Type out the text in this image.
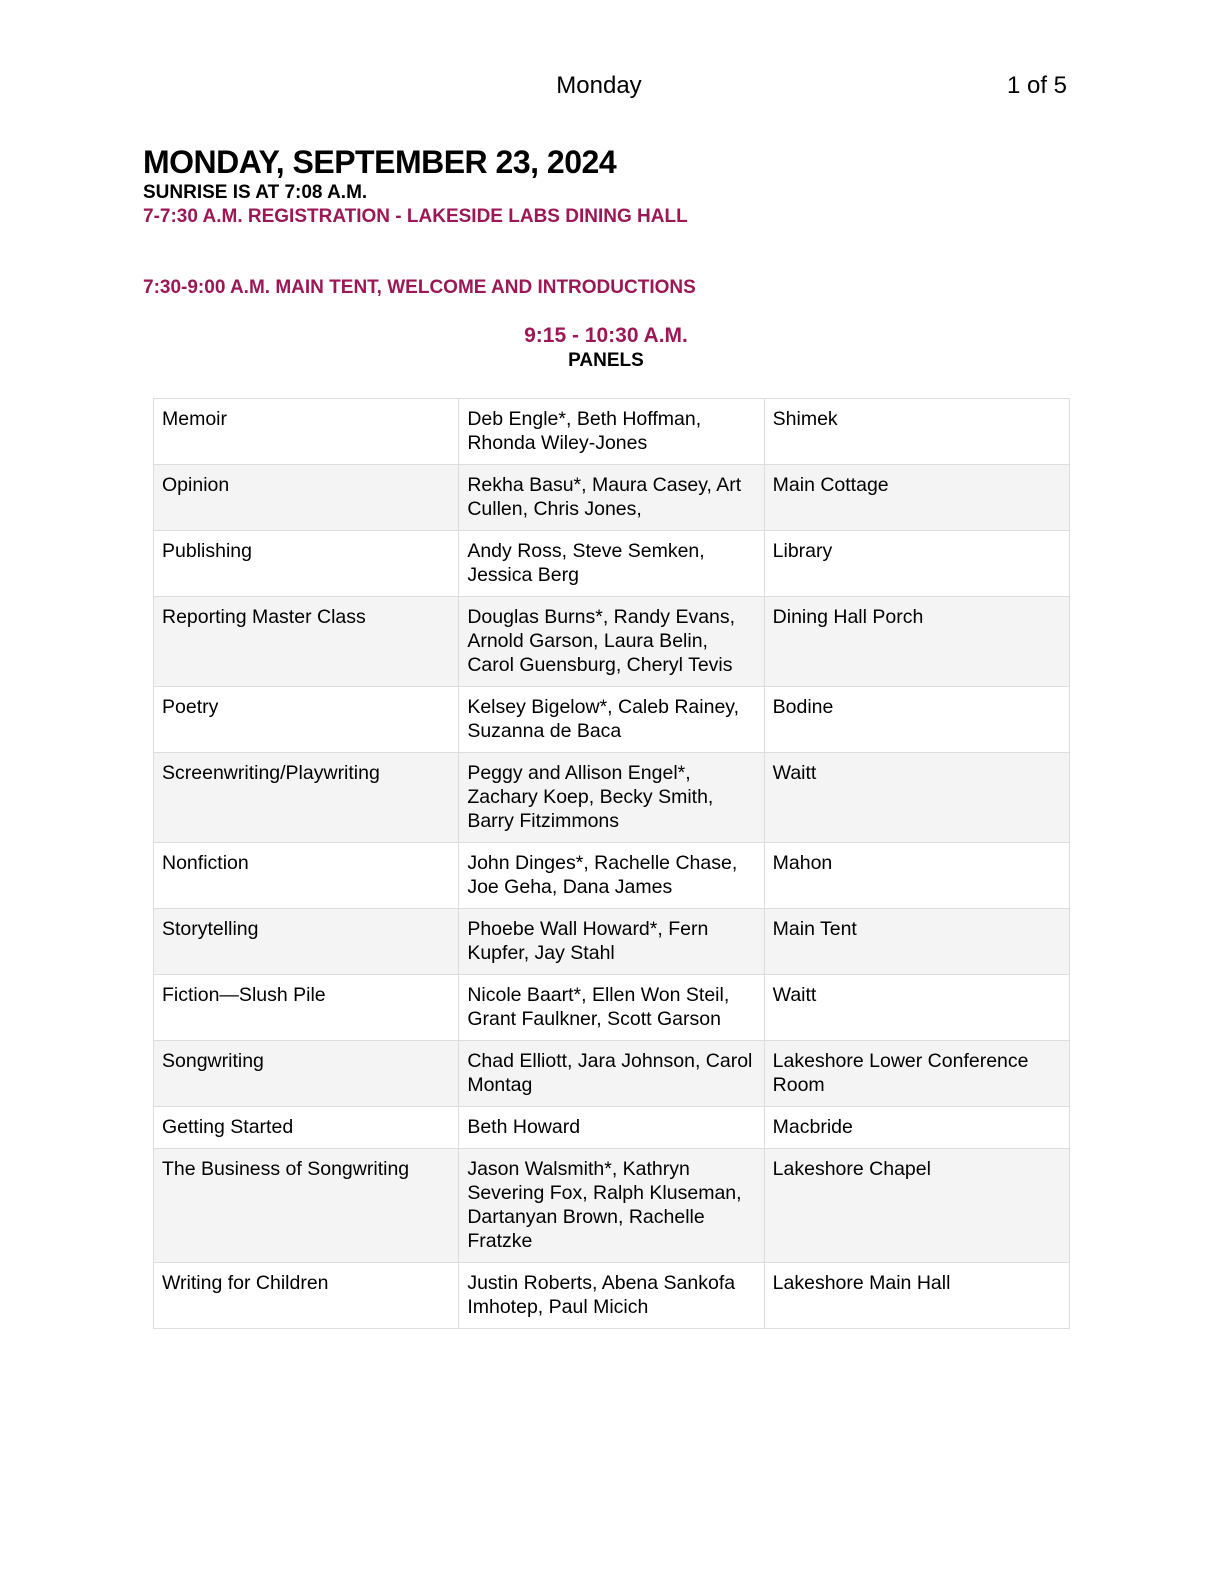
Monday	1 of 5
MONDAY, SEPTEMBER 23, 2024
SUNRISE IS AT 7:08 A.M.
7-7:30 A.M. REGISTRATION - LAKESIDE LABS DINING HALL
7:30-9:00 A.M. MAIN TENT, WELCOME AND INTRODUCTIONS
9:15 - 10:30 A.M.
PANELS
Memoir	Deb Engle*, Beth Hoffman, Rhonda Wiley-Jones	Shimek
Opinion	Rekha Basu*, Maura Casey, Art Cullen, Chris Jones,	Main Cottage
Publishing	Andy Ross, Steve Semken, Jessica Berg	Library
Reporting Master Class	Douglas Burns*, Randy Evans, Arnold Garson, Laura Belin, Carol Guensburg, Cheryl Tevis	Dining Hall Porch
Poetry	Kelsey Bigelow*, Caleb Rainey, Suzanna de Baca	Bodine
Screenwriting/Playwriting	Peggy and Allison Engel*, Zachary Koep, Becky Smith, Barry Fitzimmons	Waitt
Nonfiction	John Dinges*, Rachelle Chase, Joe Geha, Dana James	Mahon
Storytelling	Phoebe Wall Howard*, Fern Kupfer, Jay Stahl	Main Tent
Fiction—Slush Pile	Nicole Baart*, Ellen Won Steil, Grant Faulkner, Scott Garson	Waitt
Songwriting	Chad Elliott, Jara Johnson, Carol Montag	Lakeshore Lower Conference Room
Getting Started	Beth Howard	Macbride
The Business of Songwriting	Jason Walsmith*, Kathryn Severing Fox, Ralph Kluseman, Dartanyan Brown, Rachelle Fratzke	Lakeshore Chapel
Writing for Children	Justin Roberts, Abena Sankofa Imhotep, Paul Micich	Lakeshore Main Hall
